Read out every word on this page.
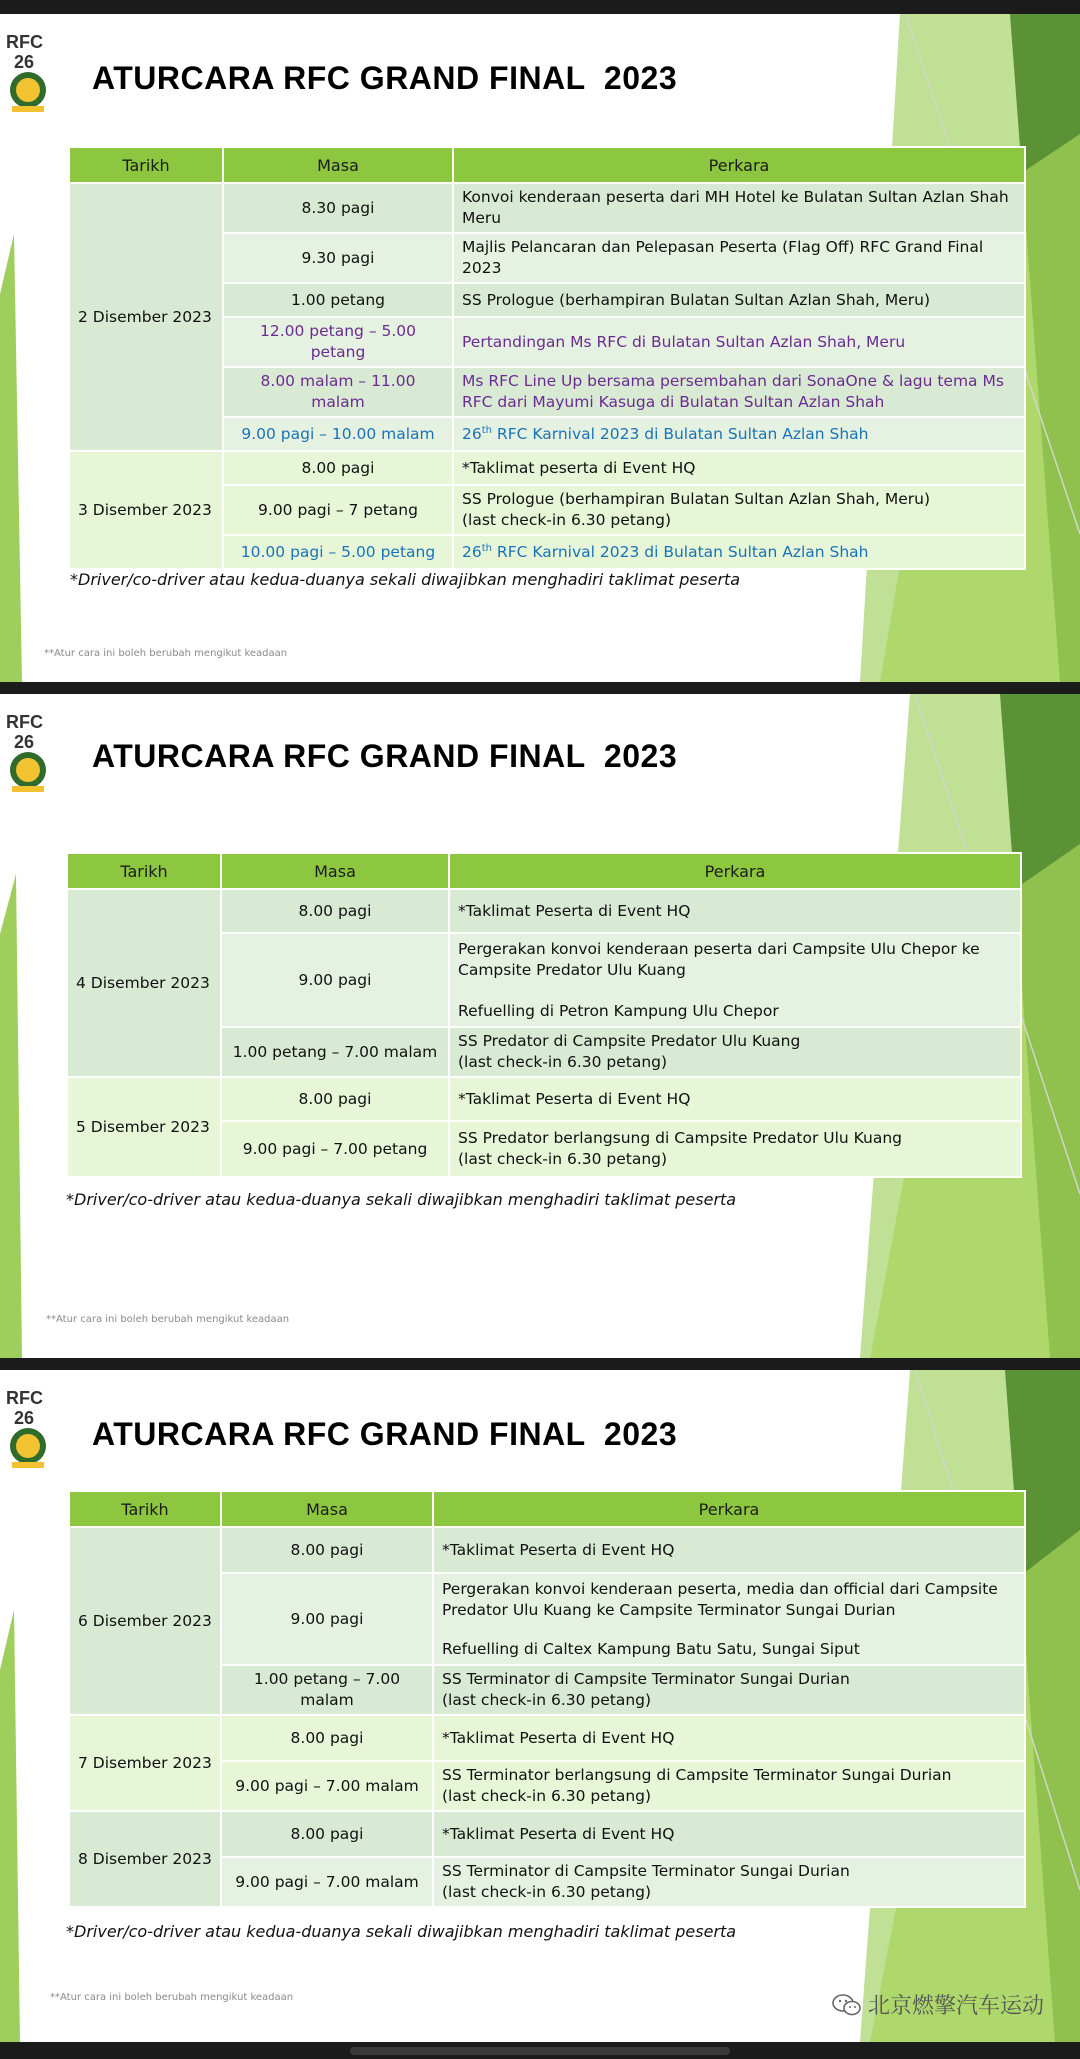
RFC
26 ATURCARA RFC GRAND FINAL  2023
Tarikh	Masa	Perkara
2 Disember 2023	8.30 pagi	Konvoi kenderaan peserta dari MH Hotel ke Bulatan Sultan Azlan Shah Meru
	9.30 pagi	Majlis Pelancaran dan Pelepasan Peserta (Flag Off) RFC Grand Final 2023
	1.00 petang	SS Prologue (berhampiran Bulatan Sultan Azlan Shah, Meru)
	12.00 petang – 5.00 petang	Pertandingan Ms RFC di Bulatan Sultan Azlan Shah, Meru
	8.00 malam – 11.00 malam	Ms RFC Line Up bersama persembahan dari SonaOne & lagu tema Ms RFC dari Mayumi Kasuga di Bulatan Sultan Azlan Shah
	9.00 pagi – 10.00 malam	26th RFC Karnival 2023 di Bulatan Sultan Azlan Shah
3 Disember 2023	8.00 pagi	*Taklimat peserta di Event HQ
	9.00 pagi – 7 petang	SS Prologue (berhampiran Bulatan Sultan Azlan Shah, Meru)
(last check-in 6.30 petang)

	10.00 pagi – 5.00 petang	26th RFC Karnival 2023 di Bulatan Sultan Azlan Shah
*Driver/co-driver atau kedua-duanya sekali diwajibkan menghadiri taklimat peserta
**Atur cara ini boleh berubah mengikut keadaan
RFC
26 ATURCARA RFC GRAND FINAL  2023
Tarikh	Masa	Perkara
4 Disember 2023	8.00 pagi	*Taklimat Peserta di Event HQ
	9.00 pagi	Pergerakan konvoi kenderaan peserta dari Campsite Ulu Chepor ke Campsite Predator Ulu Kuang
Refuelling di Petron Kampung Ulu Chepor

	1.00 petang – 7.00 malam	SS Predator di Campsite Predator Ulu Kuang
(last check-in 6.30 petang)

5 Disember 2023	8.00 pagi	*Taklimat Peserta di Event HQ
	9.00 pagi – 7.00 petang	SS Predator berlangsung di Campsite Predator Ulu Kuang
(last check-in 6.30 petang)
*Driver/co-driver atau kedua-duanya sekali diwajibkan menghadiri taklimat peserta
**Atur cara ini boleh berubah mengikut keadaan
RFC
26 ATURCARA RFC GRAND FINAL  2023
Tarikh	Masa	Perkara
6 Disember 2023	8.00 pagi	*Taklimat Peserta di Event HQ
	9.00 pagi	Pergerakan konvoi kenderaan peserta, media dan official dari Campsite Predator Ulu Kuang ke Campsite Terminator Sungai Durian
Refuelling di Caltex Kampung Batu Satu, Sungai Siput

	1.00 petang – 7.00 malam	SS Terminator di Campsite Terminator Sungai Durian
(last check-in 6.30 petang)

7 Disember 2023	8.00 pagi	*Taklimat Peserta di Event HQ
	9.00 pagi – 7.00 malam	SS Terminator berlangsung di Campsite Terminator Sungai Durian
(last check-in 6.30 petang)

8 Disember 2023	8.00 pagi	*Taklimat Peserta di Event HQ
	9.00 pagi – 7.00 malam	SS Terminator di Campsite Terminator Sungai Durian
(last check-in 6.30 petang)
*Driver/co-driver atau kedua-duanya sekali diwajibkan menghadiri taklimat peserta
**Atur cara ini boleh berubah mengikut keadaan	北京燃擎汽车运动
